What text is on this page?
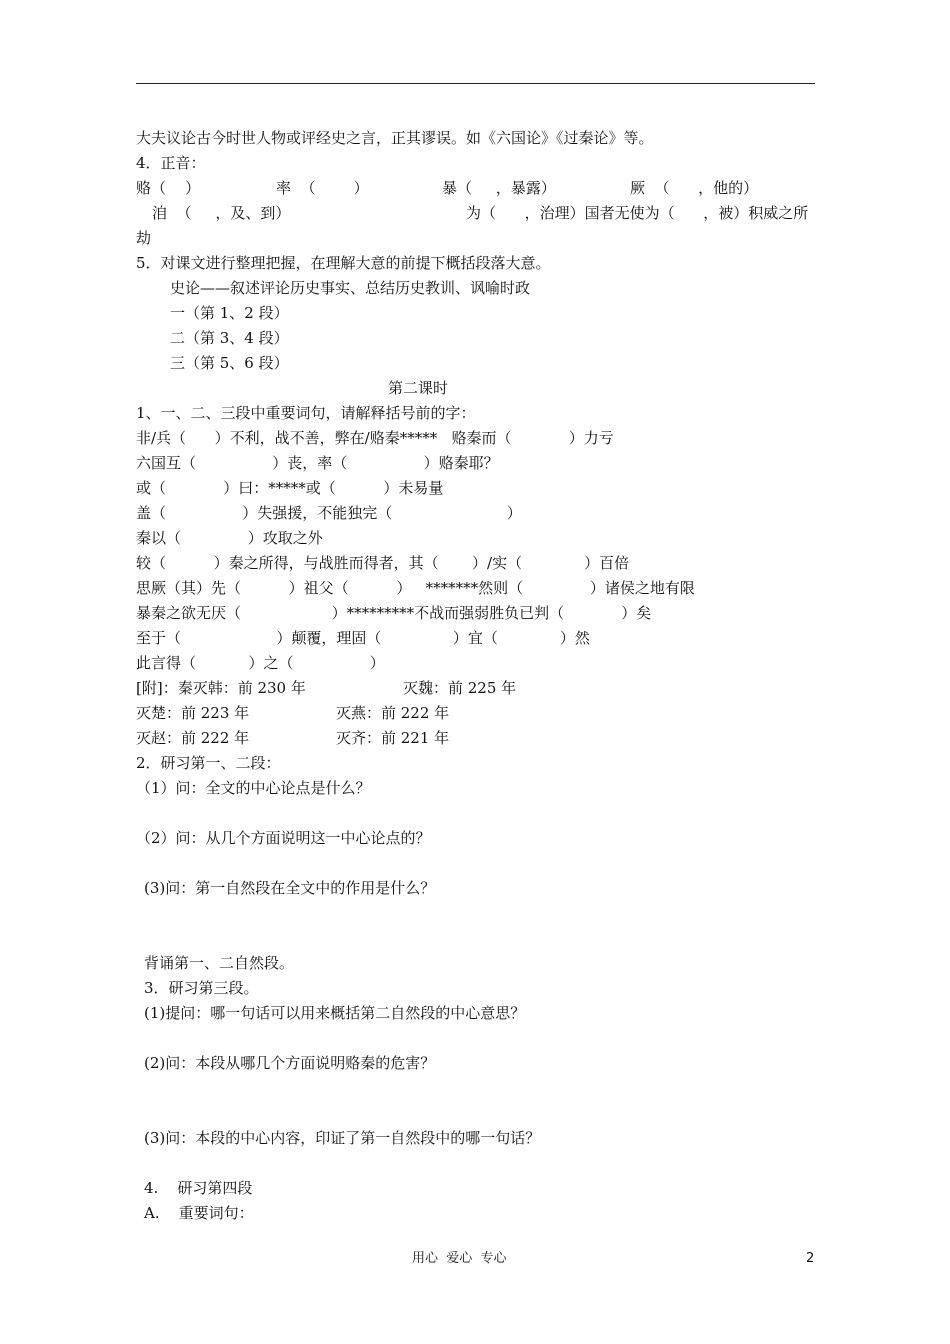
大夫议论古今时世人物或评经史之言，正其谬误。如《六国论》《过秦论》等。
4．正音：
赂（    ）	率  （        ）	暴（     ，暴露）	厥  （      ，他的）
洎  （     ，及、到）	为（      ，治理）国者无使为（      ，被）积威之所
劫
5．对课文进行整理把握，在理解大意的前提下概括段落大意。
史论——叙述评论历史事实、总结历史教训、讽喻时政
一（第 1、2 段）
二（第 3、4 段）
三（第 5、6 段）
第二课时
1、一、二、三段中重要词句，请解释括号前的字：
非/兵（      ）不利，战不善，弊在/赂秦*****   赂秦而（            ）力亏
六国互（                ）丧，率（                ）赂秦耶？
或（            ）曰：*****或（          ）未易量
盖（                ）失强援，不能独完（                        ）
秦以（              ）攻取之外
较（          ）秦之所得，与战胜而得者，其（       ）/实（             ）百倍
思厥（其）先（          ）祖父（          ）   *******然则（              ）诸侯之地有限
暴秦之欲无厌（                   ）*********不战而强弱胜负已判（            ）矣
至于（                    ）颠覆，理固（               ）宜（             ）然
此言得（           ）之（                ）
[附]：秦灭韩：前 230 年	灭魏：前 225 年
灭楚：前 223 年	灭燕：前 222 年
灭赵：前 222 年	灭齐：前 221 年
2．研习第一、二段：
（1）问：全文的中心论点是什么？
（2）问：从几个方面说明这一中心论点的？
(3)问：第一自然段在全文中的作用是什么？
背诵第一、二自然段。
3．研习第三段。
(1)提问：哪一句话可以用来概括第二自然段的中心意思？
(2)问：本段从哪几个方面说明赂秦的危害？
(3)问：本段的中心内容，印证了第一自然段中的哪一句话？
4.    研习第四段
A.    重要词句：
用心  爱心  专心	2
